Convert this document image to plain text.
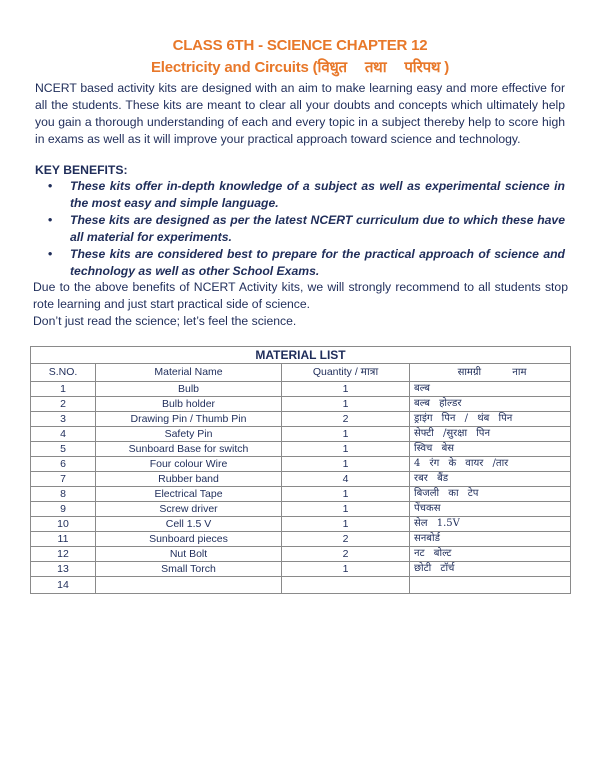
CLASS 6TH - SCIENCE CHAPTER 12
Electricity and Circuits (विधुत तथा परिपथ )

NCERT based activity kits are designed with an aim to make learning easy and more effective for all the students. These kits are meant to clear all your doubts and concepts which ultimately help you gain a thorough understanding of each and every topic in a subject thereby help to score high in exams as well as it will improve your practical approach toward science and technology.

KEY BENEFITS:

• These kits offer in-depth knowledge of a subject as well as experimental science in the most easy and simple language.
• These kits are designed as per the latest NCERT curriculum due to which these have all material for experiments.
• These kits are considered best to prepare for the practical approach of science and technology as well as other School Exams.

Due to the above benefits of NCERT Activity kits, we will strongly recommend to all students stop rote learning and just start practical side of science.

Don’t just read the science; let’s feel the science.

MATERIAL LIST			
S.NO.	Material Name	Quantity / मात्रा	सामग्री नाम
1	Bulb	1	बल्ब
2	Bulb holder	1	बल्ब होल्डर
3	Drawing Pin / Thumb Pin	2	ड्राइंग पिन / थंब पिन
4	Safety Pin	1	सेफ्टी /सुरक्षा पिन
5	Sunboard Base for switch	1	स्विच बेस
6	Four colour Wire	1	4 रंग के वायर /तार
7	Rubber band	4	रबर बैंड
8	Electrical Tape	1	बिजली का टेप
9	Screw driver	1	पेंचकस
10	Cell 1.5 V	1	सेल 1.5V
11	Sunboard pieces	2	सनबोर्ड
12	Nut Bolt	2	नट बोल्ट
13	Small Torch	1	छोटी टॉर्च
14			
